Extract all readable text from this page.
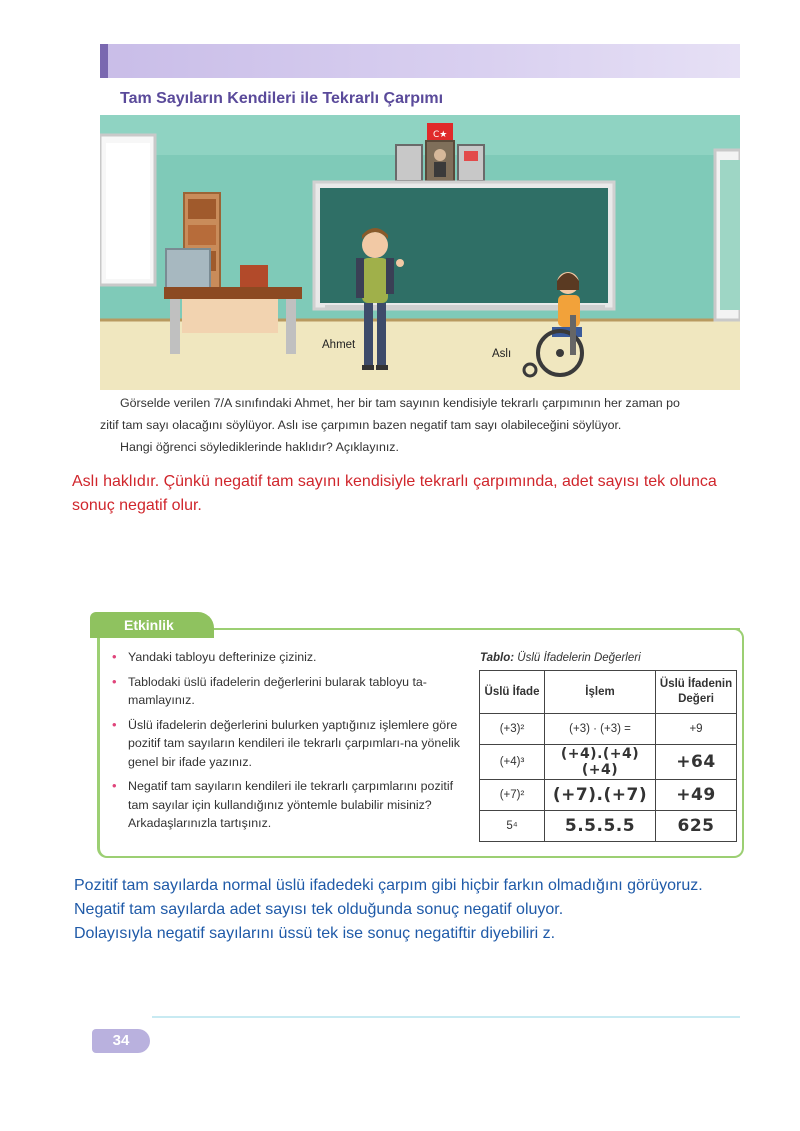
Tam Sayıların Kendileri ile Tekrarlı Çarpımı
C★
Ahmet
Aslı
Görselde verilen 7/A sınıfındaki Ahmet, her bir tam sayının kendisiyle tekrarlı çarpımının her zaman po
zitif tam sayı olacağını söylüyor. Aslı ise çarpımın bazen negatif tam sayı olabileceğini söylüyor.
Hangi öğrenci söylediklerinde haklıdır? Açıklayınız.
Aslı haklıdır. Çünkü negatif tam sayını kendisiyle tekrarlı çarpımında, adet sayısı tek olunca sonuç negatif olur.
Etkinlik
• Yandaki tabloyu defterinize çiziniz.
• Tablodaki üslü ifadelerin değerlerini bularak tabloyu ta-mamlayınız.
• Üslü ifadelerin değerlerini bulurken yaptığınız işlemlere göre pozitif tam sayıların kendileri ile tekrarlı çarpımları-na yönelik genel bir ifade yazınız.
• Negatif tam sayıların kendileri ile tekrarlı çarpımlarını pozitif tam sayılar için kullandığınız yöntemle bulabilir misiniz? Arkadaşlarınızla tartışınız.
Tablo: Üslü İfadelerin Değerleri
Üslü İfade	İşlem	Üslü İfadenin Değeri
(+3)²	(+3) · (+3) =	+9
(+4)³	(+4).(+4)(+4)	+64
(+7)²	(+7).(+7)	+49
5⁴	5.5.5.5	625
Pozitif tam sayılarda normal üslü ifadedeki çarpım gibi hiçbir farkın olmadığını görüyoruz.
Negatif tam sayılarda adet sayısı tek olduğunda sonuç negatif oluyor.
Dolayısıyla negatif sayılarını üssü tek ise sonuç negatiftir diyebiliri z.
34
